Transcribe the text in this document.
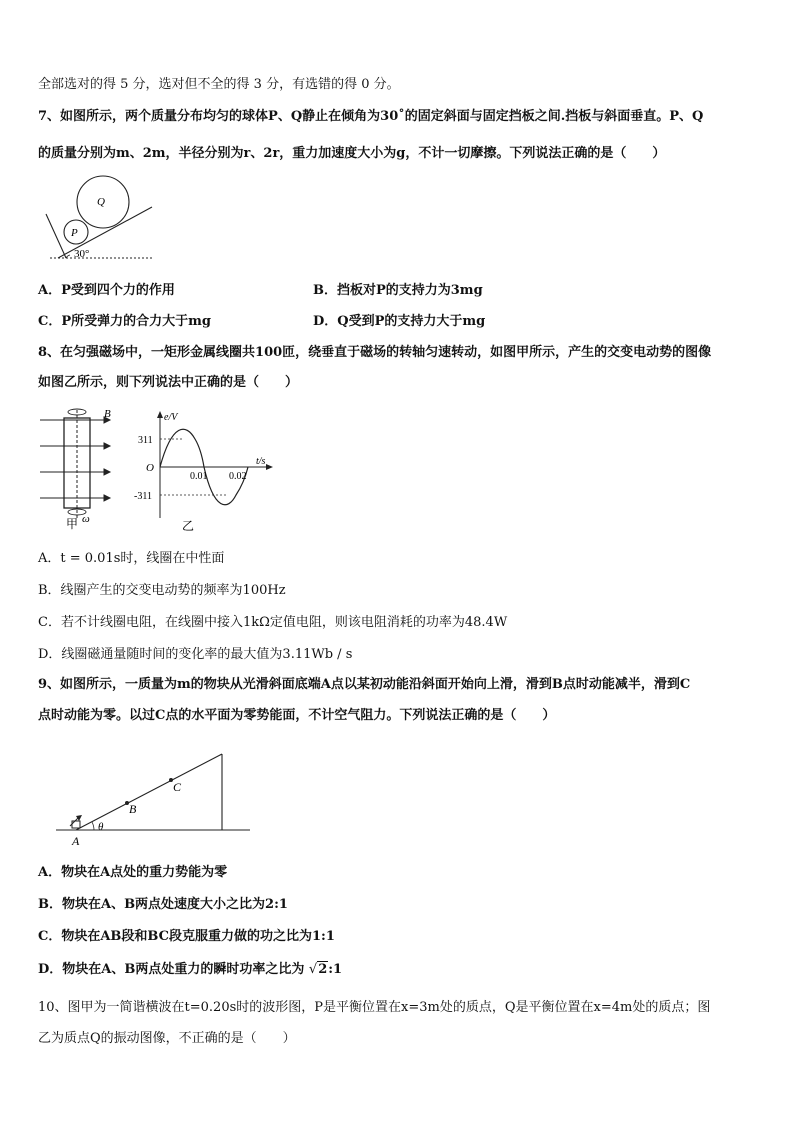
全部选对的得 5 分，选对但不全的得 3 分，有选错的得 0 分。
7、如图所示，两个质量分布均匀的球体P、Q静止在倾角为30˚的固定斜面与固定挡板之间.挡板与斜面垂直。P、Q
的质量分别为m、2m，半径分别为r、2r，重力加速度大小为g，不计一切摩擦。下列说法正确的是（　　）
P
Q
30°
A．P受到四个力的作用	B．挡板对P的支持力为3mg
C．P所受弹力的合力大于mg	D．Q受到P的支持力大于mg
8、在匀强磁场中，一矩形金属线圈共100匝，绕垂直于磁场的转轴匀速转动，如图甲所示，产生的交变电动势的图像
如图乙所示，则下列说法中正确的是（　　）
B
ω
甲
e/V
t/s
O
311
-311
0.01 0.02
乙
A．t = 0.01s时，线圈在中性面
B．线圈产生的交变电动势的频率为100Hz
C．若不计线圈电阻，在线圈中接入1kΩ定值电阻，则该电阻消耗的功率为48.4W
D．线圈磁通量随时间的变化率的最大值为3.11Wb / s
9、如图所示，一质量为m的物块从光滑斜面底端A点以某初动能沿斜面开始向上滑，滑到B点时动能减半，滑到C
点时动能为零。以过C点的水平面为零势能面，不计空气阻力。下列说法正确的是（　　）
A
B
C
θ
A．物块在A点处的重力势能为零
B．物块在A、B两点处速度大小之比为2:1
C．物块在AB段和BC段克服重力做的功之比为1:1
D．物块在A、B两点处重力的瞬时功率之比为 √2:1
10、图甲为一简谐横波在t=0.20s时的波形图，P是平衡位置在x=3m处的质点，Q是平衡位置在x=4m处的质点；图
乙为质点Q的振动图像，不正确的是（　　）
